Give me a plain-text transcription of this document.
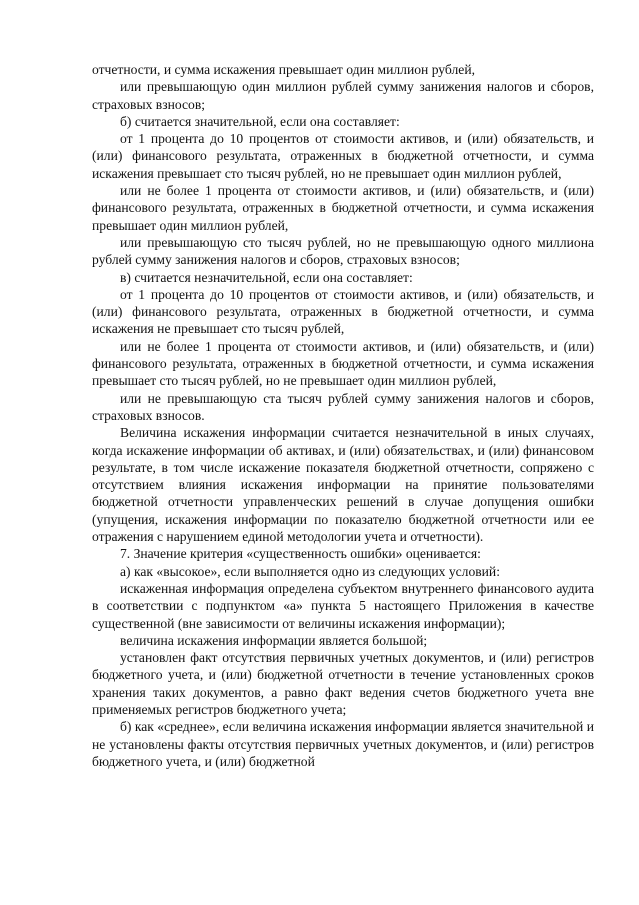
отчетности, и сумма искажения превышает один миллион рублей,

или превышающую один миллион рублей сумму занижения налогов и сборов, страховых взносов;

б) считается значительной, если она составляет:

от 1 процента до 10 процентов от стоимости активов, и (или) обязательств, и (или) финансового результата, отраженных в бюджетной отчетности, и сумма искажения превышает сто тысяч рублей, но не превышает один миллион рублей,

или не более 1 процента от стоимости активов, и (или) обязательств, и (или) финансового результата, отраженных в бюджетной отчетности, и сумма искажения превышает один миллион рублей,

или превышающую сто тысяч рублей, но не превышающую одного миллиона рублей сумму занижения налогов и сборов, страховых взносов;

в) считается незначительной, если она составляет:

от 1 процента до 10 процентов от стоимости активов, и (или) обязательств, и (или) финансового результата, отраженных в бюджетной отчетности, и сумма искажения не превышает сто тысяч рублей,

или не более 1 процента от стоимости активов, и (или) обязательств, и (или) финансового результата, отраженных в бюджетной отчетности, и сумма искажения превышает сто тысяч рублей, но не превышает один миллион рублей,

или не превышающую ста тысяч рублей сумму занижения налогов и сборов, страховых взносов.

Величина искажения информации считается незначительной в иных случаях, когда искажение информации об активах, и (или) обязательствах, и (или) финансовом результате, в том числе искажение показателя бюджетной отчетности, сопряжено с отсутствием влияния искажения информации на принятие пользователями бюджетной отчетности управленческих решений в случае допущения ошибки (упущения, искажения информации по показателю бюджетной отчетности или ее отражения с нарушением единой методологии учета и отчетности).

7. Значение критерия «существенность ошибки» оценивается:

а) как «высокое», если выполняется одно из следующих условий:

искаженная информация определена субъектом внутреннего финансового аудита в соответствии с подпунктом «а» пункта 5 настоящего Приложения в качестве существенной (вне зависимости от величины искажения информации);

величина искажения информации является большой;

установлен факт отсутствия первичных учетных документов, и (или) регистров бюджетного учета, и (или) бюджетной отчетности в течение установленных сроков хранения таких документов, а равно факт ведения счетов бюджетного учета вне применяемых регистров бюджетного учета;

б) как «среднее», если величина искажения информации является значительной и не установлены факты отсутствия первичных учетных документов, и (или) регистров бюджетного учета, и (или) бюджетной
